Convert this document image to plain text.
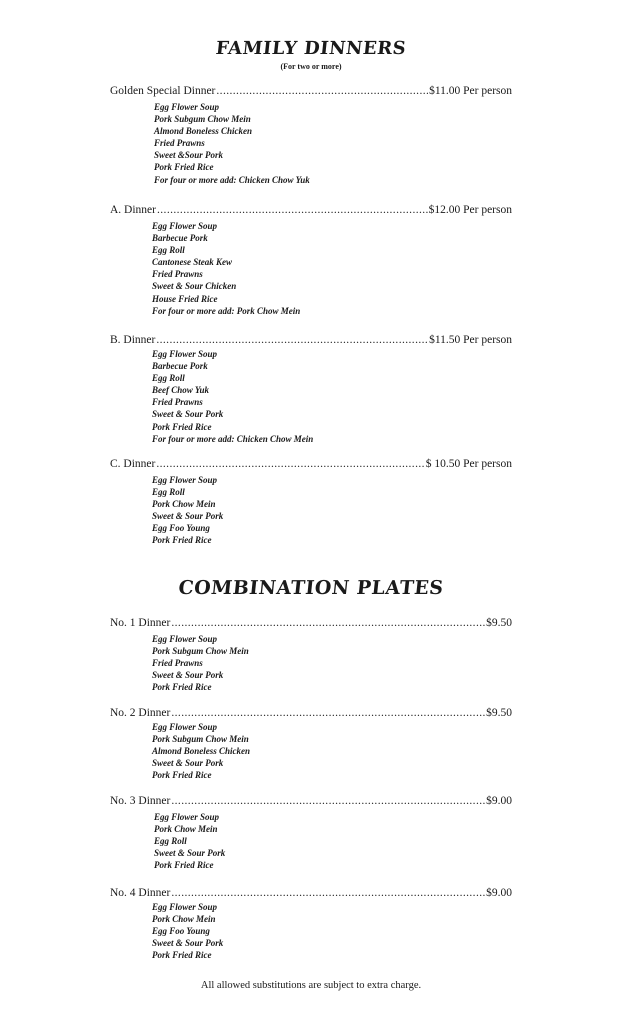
FAMILY DINNERS
(For two or more)
Golden Special Dinner .....	$11.00 Per person
Egg Flower Soup
Pork Subgum Chow Mein
Almond Boneless Chicken
Fried Prawns
Sweet &Sour Pork
Pork Fried Rice
For four or more add: Chicken Chow Yuk
A. Dinner .....	$12.00 Per person
Egg Flower Soup
Barbecue Pork
Egg Roll
Cantonese Steak Kew
Fried Prawns
Sweet & Sour Chicken
House Fried Rice
For four or more add: Pork Chow Mein
B. Dinner .....	$11.50 Per person
Egg Flower Soup
Barbecue Pork
Egg Roll
Beef Chow Yuk
Fried Prawns
Sweet & Sour Pork
Pork Fried Rice
For four or more add: Chicken Chow Mein
C. Dinner .....	$ 10.50 Per person
Egg Flower Soup
Egg Roll
Pork Chow Mein
Sweet & Sour Pork
Egg Foo Young
Pork Fried Rice
COMBINATION PLATES
No. 1 Dinner .....	$9.50
Egg Flower Soup
Pork Subgum Chow Mein
Fried Prawns
Sweet & Sour Pork
Pork Fried Rice
No. 2 Dinner .....	$9.50
Egg Flower Soup
Pork Subgum Chow Mein
Almond Boneless Chicken
Sweet & Sour Pork
Pork Fried Rice
No. 3 Dinner .....	$9.00
Egg Flower Soup
Pork Chow Mein
Egg Roll
Sweet & Sour Pork
Pork Fried Rice
No. 4 Dinner .....	$9.00
Egg Flower Soup
Pork Chow Mein
Egg Foo Young
Sweet & Sour Pork
Pork Fried Rice
All allowed substitutions are subject to extra charge.
